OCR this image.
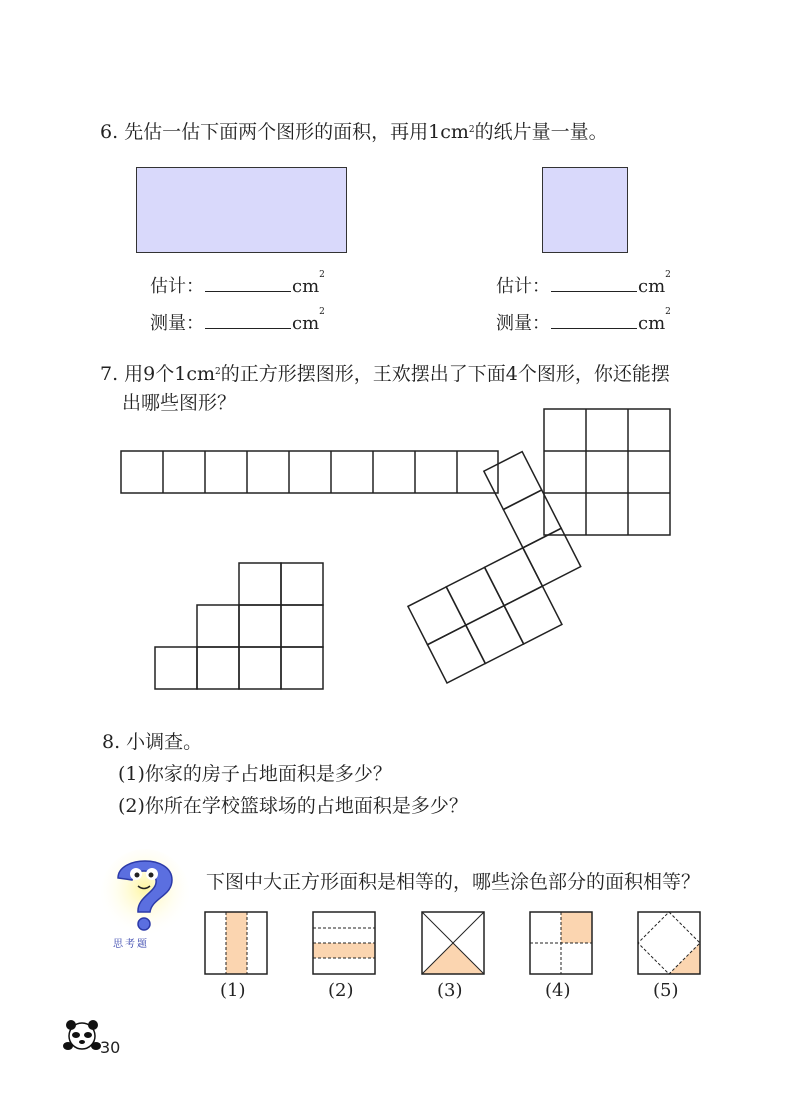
6. 先估一估下面两个图形的面积，再用$1cm^2$的纸片量一量。
估计：	$cm^2$
测量：	$cm^2$
估计：	$cm^2$
测量：	$cm^2$
7. 用9个$1cm^2$的正方形摆图形，王欢摆出了下面4个图形，你还能摆
出哪些图形？
8. 小调查。
(1)你家的房子占地面积是多少？
(2)你所在学校篮球场的占地面积是多少？
思考题
下图中大正方形面积是相等的，哪些涂色部分的面积相等？
(1)	(2)	(3)	(4)	(5)
30
